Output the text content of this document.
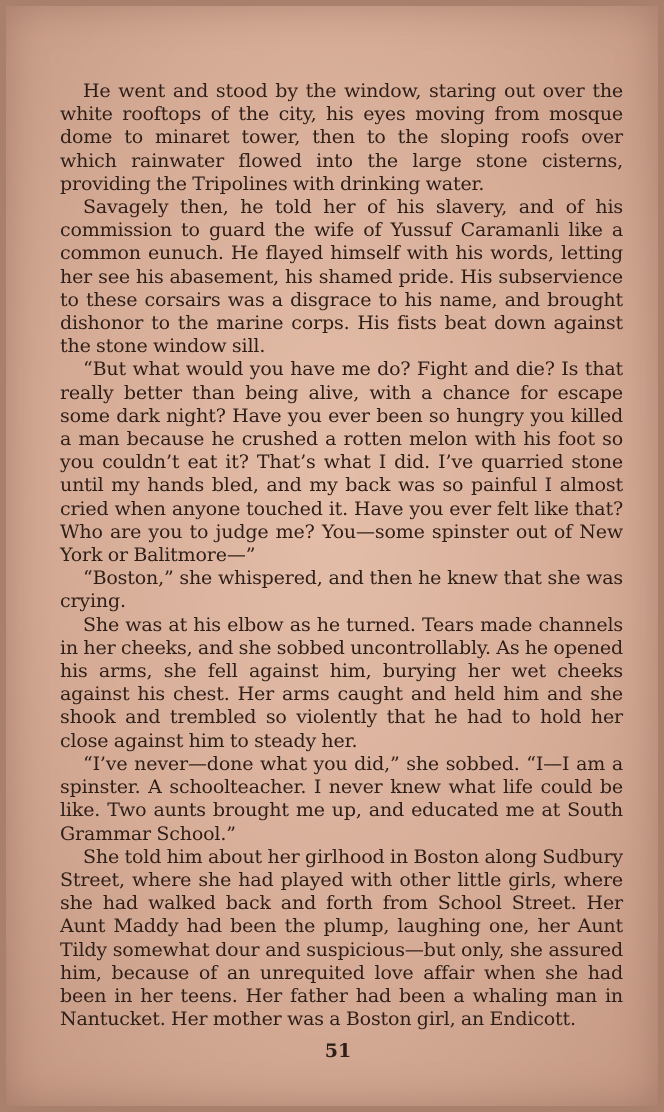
He went and stood by the window, staring out over the white rooftops of the city, his eyes moving from mosque dome to minaret tower, then to the sloping roofs over which rainwater flowed into the large stone cisterns, providing the Tripolines with drinking water.

Savagely then, he told her of his slavery, and of his commission to guard the wife of Yussuf Caramanli like a common eunuch. He flayed himself with his words, letting her see his abasement, his shamed pride. His subservience to these corsairs was a disgrace to his name, and brought dishonor to the marine corps. His fists beat down against the stone window sill.

“But what would you have me do? Fight and die? Is that really better than being alive, with a chance for escape some dark night? Have you ever been so hungry you killed a man because he crushed a rotten melon with his foot so you couldn’t eat it? That’s what I did. I’ve quarried stone until my hands bled, and my back was so painful I almost cried when anyone touched it. Have you ever felt like that? Who are you to judge me? You—some spinster out of New York or Balitmore—”

“Boston,” she whispered, and then he knew that she was crying.

She was at his elbow as he turned. Tears made channels in her cheeks, and she sobbed uncontrollably. As he opened his arms, she fell against him, burying her wet cheeks against his chest. Her arms caught and held him and she shook and trembled so violently that he had to hold her close against him to steady her.

“I’ve never—done what you did,” she sobbed. “I—I am a spinster. A schoolteacher. I never knew what life could be like. Two aunts brought me up, and educated me at South Grammar School.”

She told him about her girlhood in Boston along Sudbury Street, where she had played with other little girls, where she had walked back and forth from School Street. Her Aunt Maddy had been the plump, laughing one, her Aunt Tildy somewhat dour and suspicious—but only, she assured him, because of an unrequited love affair when she had been in her teens. Her father had been a whaling man in Nantucket. Her mother was a Boston girl, an Endicott.

51
